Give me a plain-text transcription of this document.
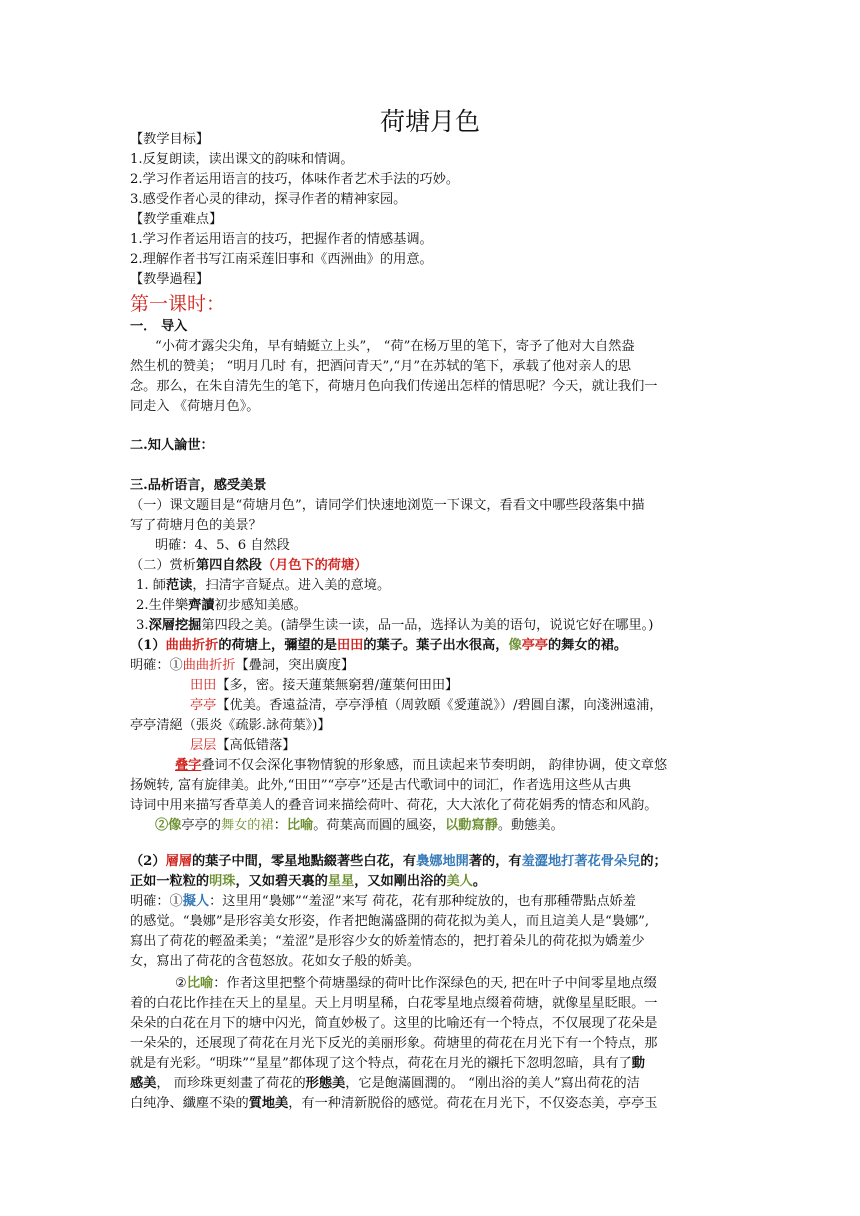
荷塘月色
【教学目标】
1.反复朗读，读出课文的韵味和情调。
2.学习作者运用语言的技巧，体味作者艺术手法的巧妙。
3.感受作者心灵的律动，探寻作者的精神家园。
【教学重难点】
1.学习作者运用语言的技巧，把握作者的情感基调。
2.理解作者书写江南采莲旧事和《西洲曲》的用意。
【教學過程】
第一课时：
一． 导入
“小荷才露尖尖角，早有蜻蜓立上头”， “荷”在杨万里的笔下，寄予了他对大自然盎
然生机的赞美； “明月几时 有，把酒问青天”,“月”在苏轼的笔下，承载了他对亲人的思
念。那么，在朱自清先生的笔下，荷塘月色向我们传递出怎样的情思呢？今天，就让我们一
同走入 《荷塘月色》。
二.知人論世：
三.品析语言，感受美景
（一）课文题目是“荷塘月色”，请同学们快速地浏览一下课文，看看文中哪些段落集中描
写了荷塘月色的美景？
明確：4、5、6 自然段
（二）赏析第四自然段（月色下的荷塘）
1. 師范读，扫清字音疑点。进入美的意境。
2.生伴樂齊讀初步感知美感。
3.深層挖掘第四段之美。(請學生读一读，品一品，选择认为美的语句，说说它好在哪里。)
（1）曲曲折折的荷塘上，彌望的是田田的葉子。葉子出水很高，像亭亭的舞女的裙。
明確：①曲曲折折【疊詞，突出廣度】
田田【多，密。接天蓮葉無窮碧/蓮葉何田田】
亭亭【优美。香遠益清，亭亭淨植（周敦頤《愛蓮説》）/碧圓自潔，向淺洲遠浦，
亭亭清絕（張炎《疏影.詠荷葉》)】
层层【高低错落】
叠字叠词不仅会深化事物情貌的形象感，而且读起来节奏明朗， 韵律协调，使文章悠
扬婉转, 富有旋律美。此外,“田田”“亭亭”还是古代歌词中的词汇，作者选用这些从古典
诗词中用来描写香草美人的叠音词来描绘荷叶、荷花，大大浓化了荷花娟秀的情态和风韵。
②像亭亭的舞女的裙：比喻。荷葉高而圓的風姿，以動寫靜。動態美。
（2）層層的葉子中間，零星地點綴著些白花，有裊娜地開著的，有羞澀地打著花骨朵兒的；
正如一粒粒的明珠，又如碧天裏的星星，又如剛出浴的美人。
明確：①擬人：这里用“裊娜”“羞涩”来写 荷花，花有那种绽放的，也有那種帶點点娇羞
的感觉。“裊娜”是形容美女形姿，作者把飽滿盛開的荷花拟为美人，而且這美人是“裊娜”,
寫出了荷花的輕盈柔美；“羞涩”是形容少女的娇羞情态的，把打着朵儿的荷花拟为嬌羞少
女，寫出了荷花的含苞怒放。花如女子般的娇美。
②比喻：作者这里把整个荷塘墨绿的荷叶比作深绿色的天, 把在叶子中间零星地点缀
着的白花比作挂在天上的星星。天上月明星稀，白花零星地点缀着荷塘，就像星星眨眼。一
朵朵的白花在月下的塘中闪光，简直妙极了。这里的比喻还有一个特点，不仅展现了花朵是
一朵朵的，还展现了荷花在月光下反光的美丽形象。荷塘里的荷花在月光下有一个特点，那
就是有光彩。“明珠”“星星”都体现了这个特点，荷花在月光的襯托下忽明忽暗，具有了動
感美， 而珍珠更刻畫了荷花的形態美，它是飽滿圓潤的。 “刚出浴的美人”寫出荷花的洁
白纯净、纖塵不染的質地美，有一种清新脱俗的感觉。荷花在月光下，不仅姿态美，亭亭玉
